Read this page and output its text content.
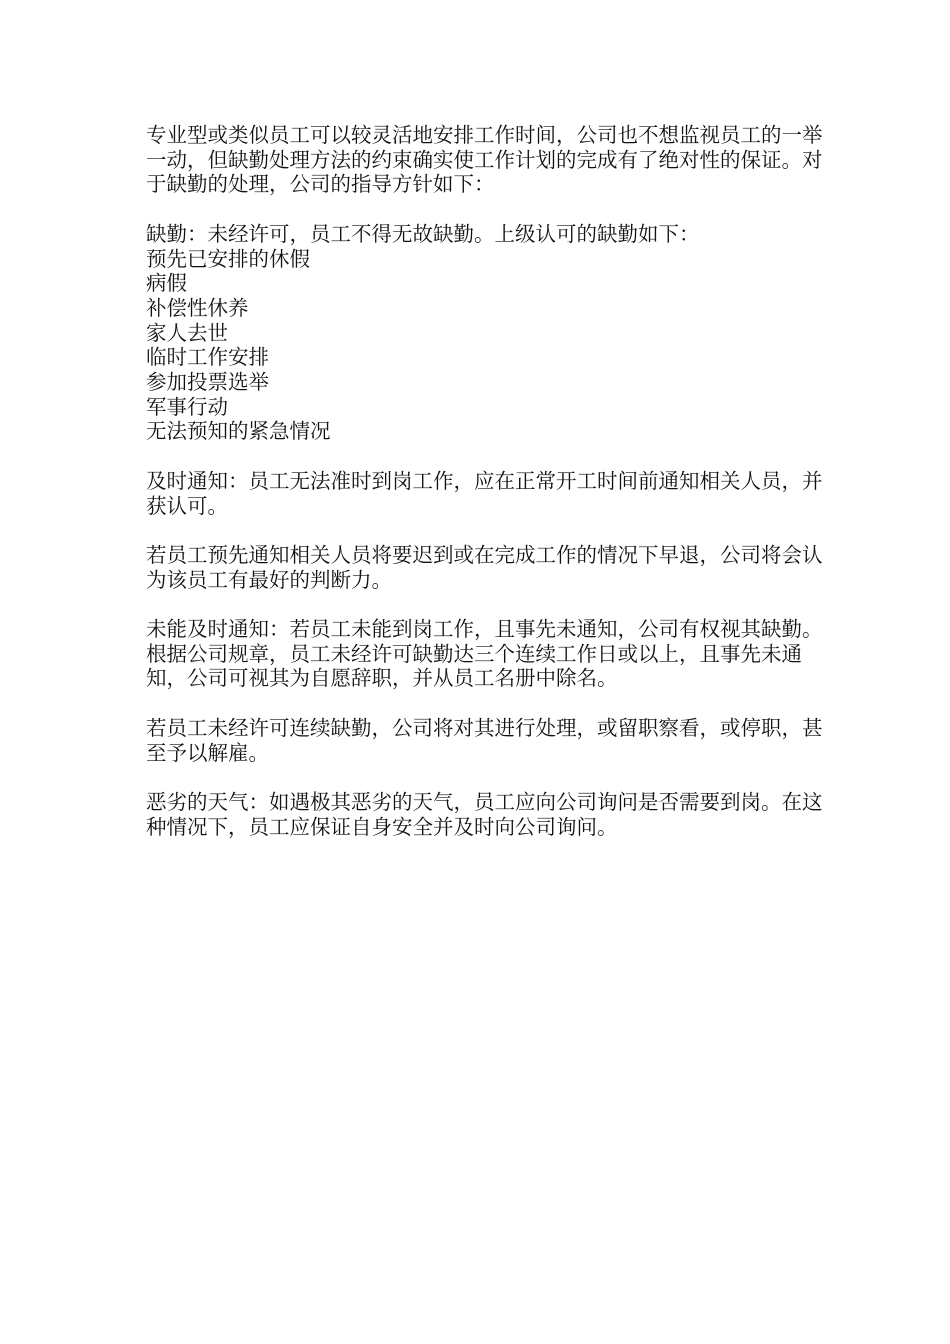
专业型或类似员工可以较灵活地安排工作时间，公司也不想监视员工的一举一动，但缺勤处理方法的约束确实使工作计划的完成有了绝对性的保证。对于缺勤的处理，公司的指导方针如下：

缺勤：未经许可，员工不得无故缺勤。上级认可的缺勤如下：

预先已安排的休假
病假
补偿性休养
家人去世
临时工作安排
参加投票选举
军事行动
无法预知的紧急情况

及时通知：员工无法准时到岗工作，应在正常开工时间前通知相关人员，并获认可。

若员工预先通知相关人员将要迟到或在完成工作的情况下早退，公司将会认为该员工有最好的判断力。

未能及时通知：若员工未能到岗工作，且事先未通知，公司有权视其缺勤。根据公司规章，员工未经许可缺勤达三个连续工作日或以上，且事先未通知，公司可视其为自愿辞职，并从员工名册中除名。

若员工未经许可连续缺勤，公司将对其进行处理，或留职察看，或停职，甚至予以解雇。

恶劣的天气：如遇极其恶劣的天气，员工应向公司询问是否需要到岗。在这种情况下，员工应保证自身安全并及时向公司询问。
